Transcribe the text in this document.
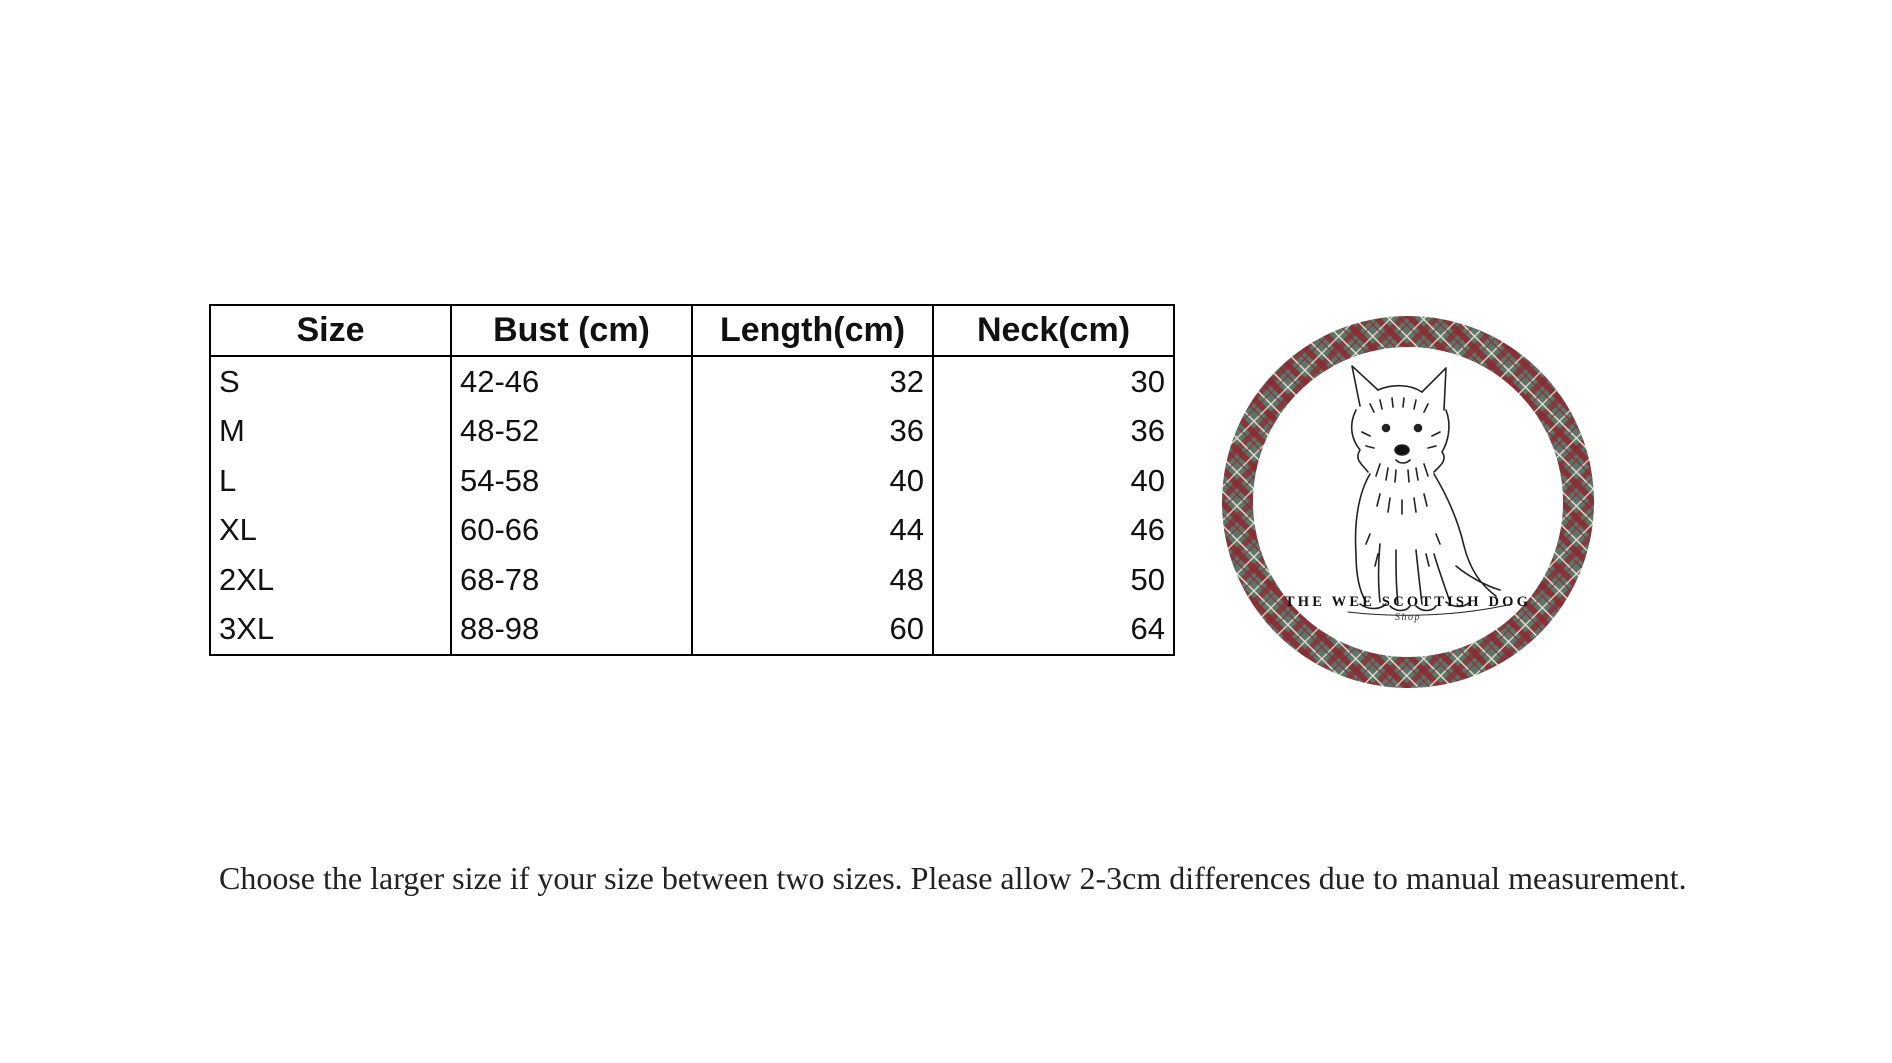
Size	Bust (cm)	Length(cm)	Neck(cm)
S	42-46	32	30
M	48-52	36	36
L	54-58	40	40
XL	60-66	44	46
2XL	68-78	48	50
3XL	88-98	60	64
THE WEE SCOTTISH DOG
Shop
Choose the larger size if your size between two sizes. Please allow 2-3cm differences due to manual measurement.
